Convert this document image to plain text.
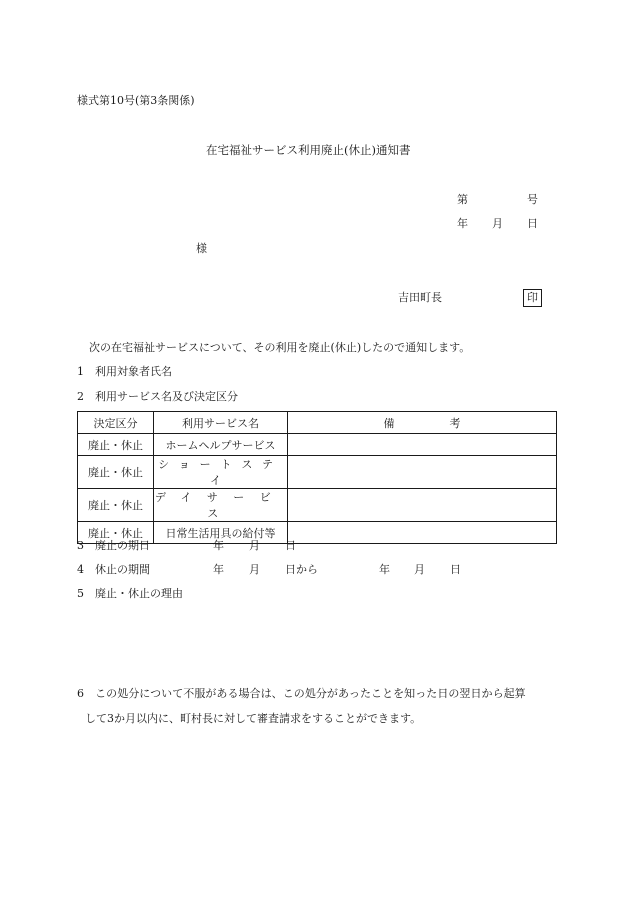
様式第10号(第3条関係)
在宅福祉サービス利用廃止(休止)通知書
第	号
年 月 日
様
吉田町長	印
次の在宅福祉サービスについて、その利用を廃止(休止)したので通知します。
1　利用対象者氏名
2　利用サービス名及び決定区分
決定区分	利用サービス名	備　　　　　考
廃止・休止	ホームヘルプサービス	
廃止・休止	ショートステイ	
廃止・休止	デイサービス	
廃止・休止	日常生活用具の給付等	
3　廃止の期日	年 月 日
4　休止の期間	年 月 日から	年 月 日
5　廃止・休止の理由
6　この処分について不服がある場合は、この処分があったことを知った日の翌日から起算
して3か月以内に、町村長に対して審査請求をすることができます。
